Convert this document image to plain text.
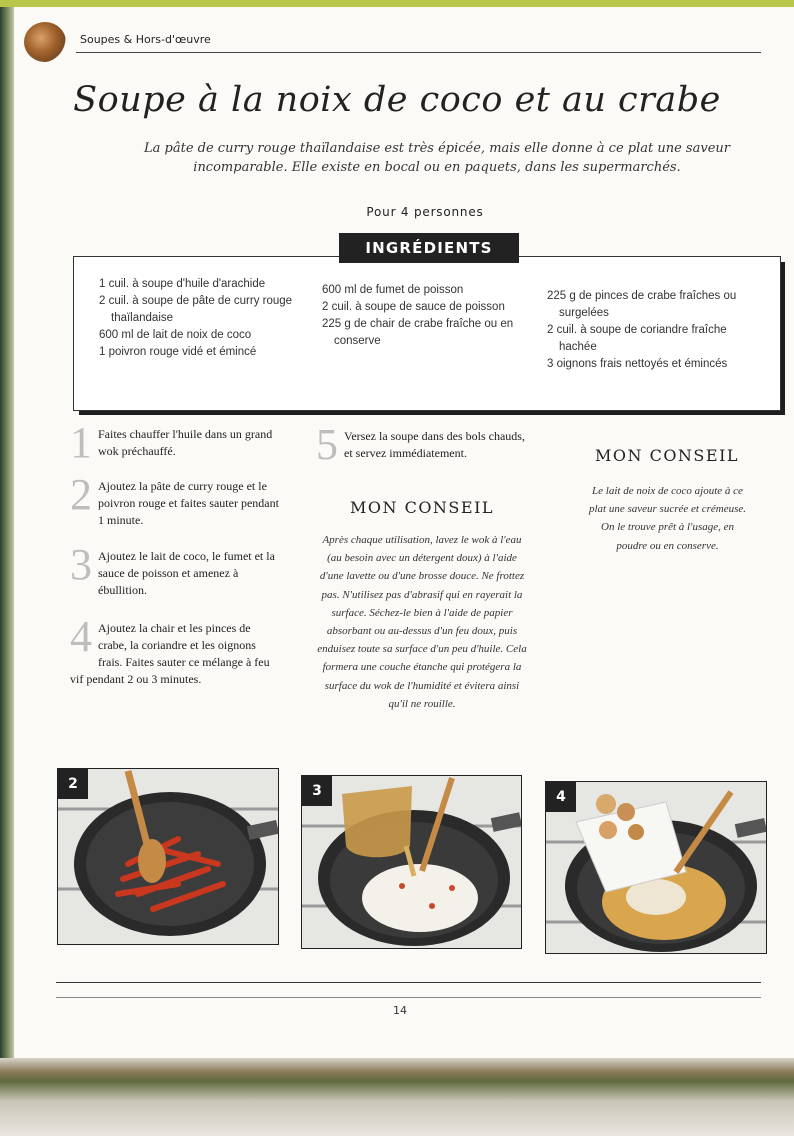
Soupes & Hors-d'œuvre
Soupe à la noix de coco et au crabe
La pâte de curry rouge thaïlandaise est très épicée, mais elle donne à ce plat une saveur incomparable. Elle existe en bocal ou en paquets, dans les supermarchés.
Pour 4 personnes
INGRÉDIENTS
1 cuil. à soupe d'huile d'arachide
2 cuil. à soupe de pâte de curry rouge thaïlandaise
600 ml de lait de noix de coco
1 poivron rouge vidé et émincé
600 ml de fumet de poisson
2 cuil. à soupe de sauce de poisson
225 g de chair de crabe fraîche ou en conserve
225 g de pinces de crabe fraîches ou surgelées
2 cuil. à soupe de coriandre fraîche hachée
3 oignons frais nettoyés et émincés
1 Faites chauffer l'huile dans un grand wok préchauffé.
2 Ajoutez la pâte de curry rouge et le poivron rouge et faites sauter pendant 1 minute.
3 Ajoutez le lait de coco, le fumet et la sauce de poisson et amenez à ébullition.
4 Ajoutez la chair et les pinces de crabe, la coriandre et les oignons frais. Faites sauter ce mélange à feu vif pendant 2 ou 3 minutes.
5 Versez la soupe dans des bols chauds, et servez immédiatement.
MON CONSEIL
Après chaque utilisation, lavez le wok à l'eau (au besoin avec un détergent doux) à l'aide d'une lavette ou d'une brosse douce. Ne frottez pas. N'utilisez pas d'abrasif qui en rayerait la surface. Séchez-le bien à l'aide de papier absorbant ou au-dessus d'un feu doux, puis enduisez toute sa surface d'un peu d'huile. Cela formera une couche étanche qui protégera la surface du wok de l'humidité et évitera ainsi qu'il ne rouille.
MON CONSEIL
Le lait de noix de coco ajoute à ce plat une saveur sucrée et crémeuse. On le trouve prêt à l'usage, en poudre ou en conserve.
2	3	4
14
